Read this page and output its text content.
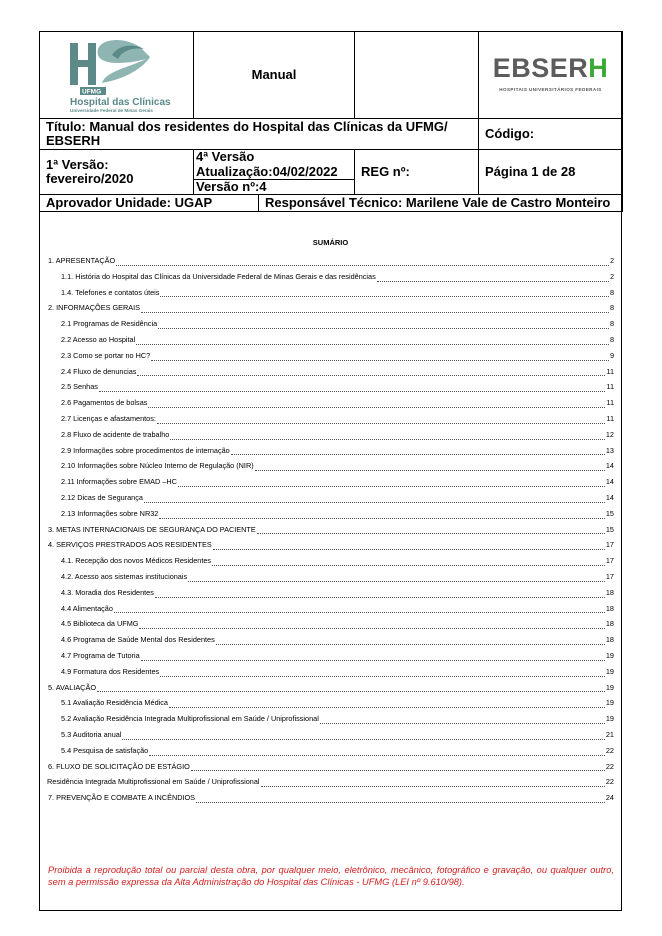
UFMG
Hospital das Clínicas
Universidade Federal de Minas Gerais
	Manual		EBSERH
HOSPITAIS UNIVERSITÁRIOS FEDERAIS

Título: Manual dos residentes do Hospital das Clínicas da UFMG/ EBSERH	Código:
1ª Versão: fevereiro/2020	
4ª Versão
Atualização:04/02/2022
Versão nº:4
	REG nº:	Página 1 de 28

Aprovador Unidade: UGAP	Responsável Técnico: Marilene Vale de Castro Monteiro
SUMÁRIO
1. APRESENTAÇÃO	2
1.1. História do Hospital das Clínicas da Universidade Federal de Minas Gerais e das residências	2
1.4. Telefones e contatos úteis	8
2. INFORMAÇÕES GERAIS	8
2.1 Programas de Residência	8
2.2 Acesso ao Hospital	8
2.3 Como se portar no HC?	9
2.4 Fluxo de denuncias	11
2.5 Senhas	11
2.6 Pagamentos de bolsas	11
2.7 Licenças e afastamentos:	11
2.8 Fluxo de acidente de trabalho	12
2.9 Informações sobre procedimentos de internação	13
2.10 Informações sobre Núcleo Interno de Regulação (NIR)	14
2.11 Informações sobre EMAD –HC	14
2.12 Dicas de Segurança	14
2.13 Informações sobre NR32	15
3. METAS INTERNACIONAIS DE SEGURANÇA DO PACIENTE	15
4. SERVIÇOS PRESTRADOS AOS RESIDENTES	17
4.1. Recepção dos novos Médicos Residentes	17
4.2. Acesso aos sistemas institucionais	17
4.3. Moradia dos Residentes	18
4.4 Alimentação	18
4.5 Biblioteca da UFMG	18
4.6 Programa de Saúde Mental dos Residentes	18
4.7 Programa de Tutoria	19
4.9 Formatura dos Residentes	19
5. AVALIAÇÃO	19
5.1 Avaliação Residência Médica	19
5.2 Avaliação Residência Integrada Multiprofissional em Saúde / Uniprofissional	19
5.3 Auditoria anual	21
5.4 Pesquisa de satisfação	22
6. FLUXO DE SOLICITAÇÃO DE ESTÁGIO	22
Residência Integrada Multiprofissional em Saúde / Uniprofissional	22
7. PREVENÇÃO E COMBATE A INCÊNDIOS	24
Proibida a reprodução total ou parcial desta obra, por qualquer meio, eletrônico, mecânico, fotográfico e gravação, ou qualquer outro, sem a permissão expressa da Alta Administração do Hospital das Clínicas - UFMG (LEI nº 9.610/98).
